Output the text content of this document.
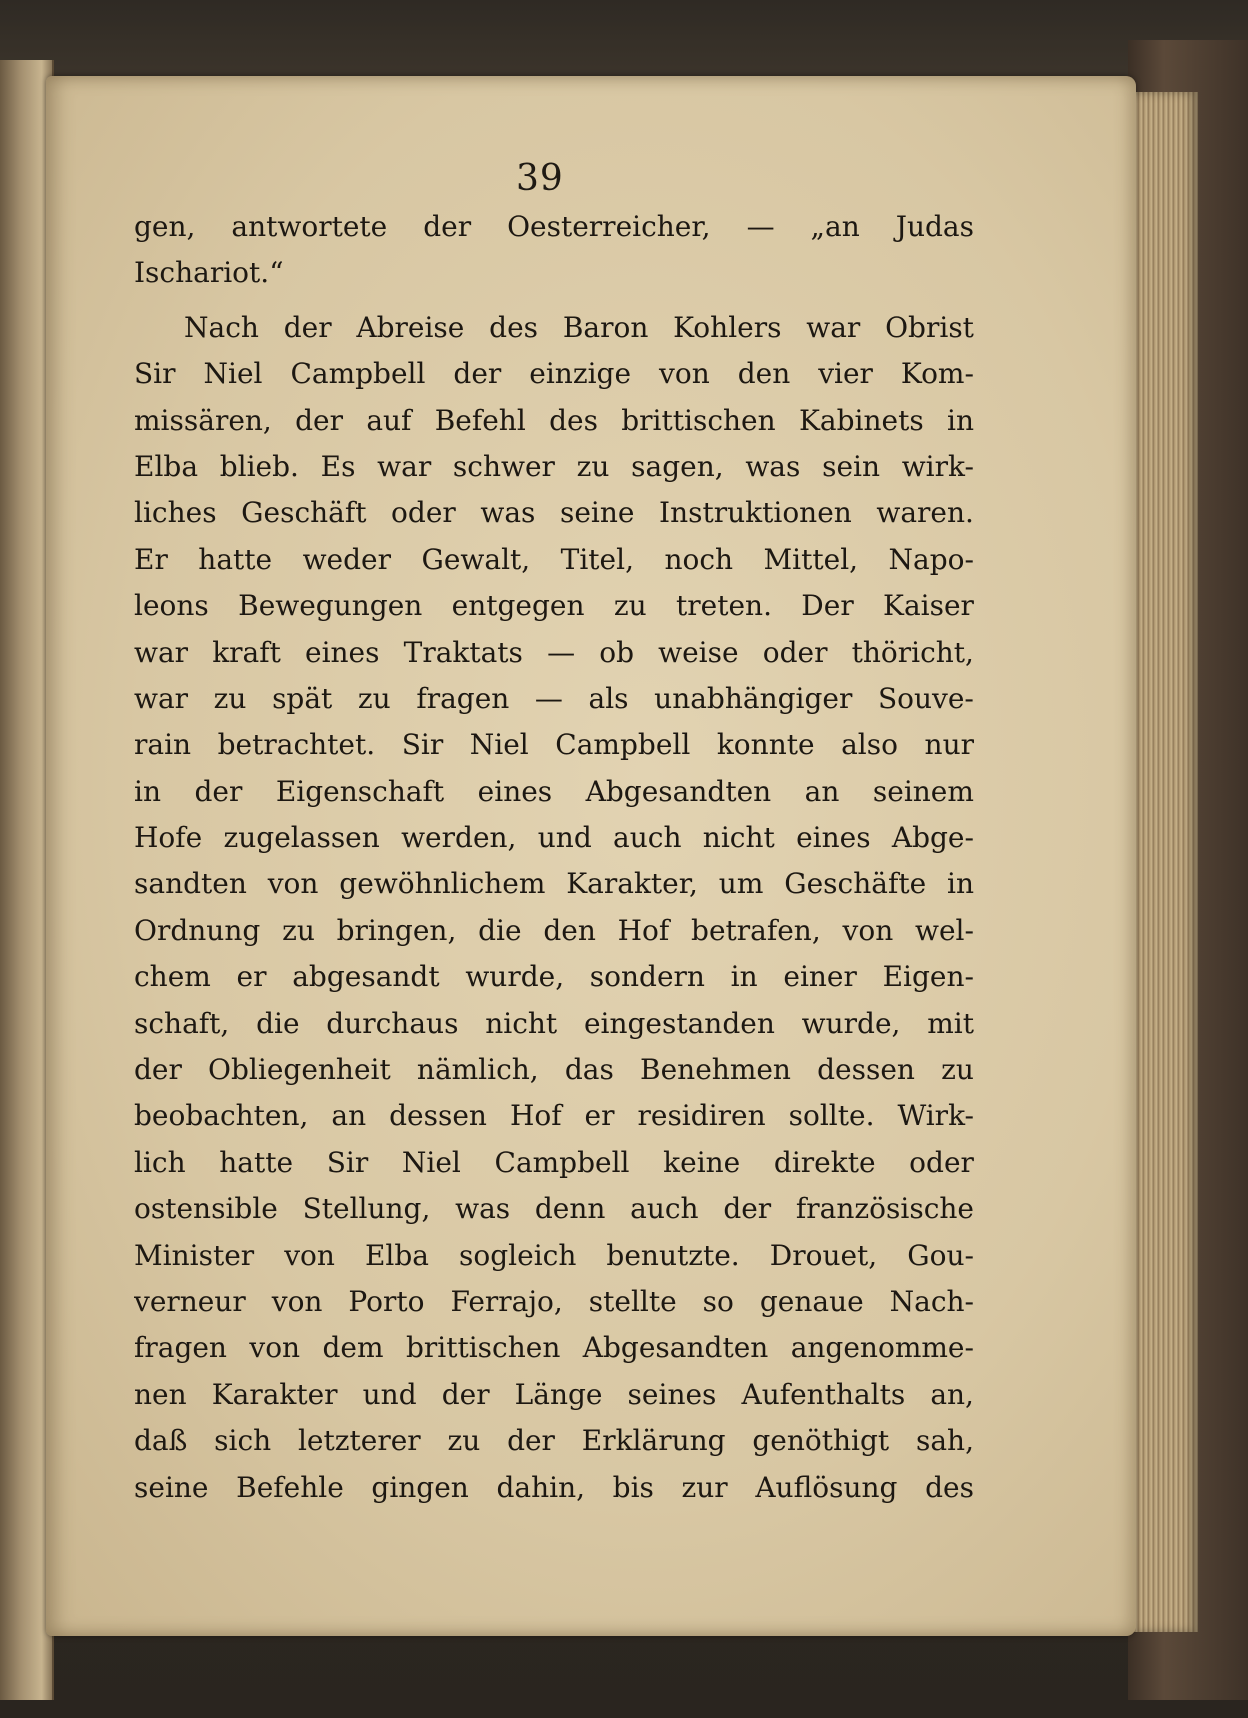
39
gen, antwortete der Oesterreicher, — „an Judas
Ischariot.“
Nach der Abreise des Baron Kohlers war Obrist
Sir Niel Campbell der einzige von den vier Kom-
missären, der auf Befehl des brittischen Kabinets in
Elba blieb. Es war schwer zu sagen, was sein wirk-
liches Geschäft oder was seine Instruktionen waren.
Er hatte weder Gewalt, Titel, noch Mittel, Napo-
leons Bewegungen entgegen zu treten. Der Kaiser
war kraft eines Traktats — ob weise oder thöricht,
war zu spät zu fragen — als unabhängiger Souve-
rain betrachtet. Sir Niel Campbell konnte also nur
in der Eigenschaft eines Abgesandten an seinem
Hofe zugelassen werden, und auch nicht eines Abge-
sandten von gewöhnlichem Karakter, um Geschäfte in
Ordnung zu bringen, die den Hof betrafen, von wel-
chem er abgesandt wurde, sondern in einer Eigen-
schaft, die durchaus nicht eingestanden wurde, mit
der Obliegenheit nämlich, das Benehmen dessen zu
beobachten, an dessen Hof er residiren sollte. Wirk-
lich hatte Sir Niel Campbell keine direkte oder
ostensible Stellung, was denn auch der französische
Minister von Elba sogleich benutzte. Drouet, Gou-
verneur von Porto Ferrajo, stellte so genaue Nach-
fragen von dem brittischen Abgesandten angenomme-
nen Karakter und der Länge seines Aufenthalts an,
daß sich letzterer zu der Erklärung genöthigt sah,
seine Befehle gingen dahin, bis zur Auflösung des
